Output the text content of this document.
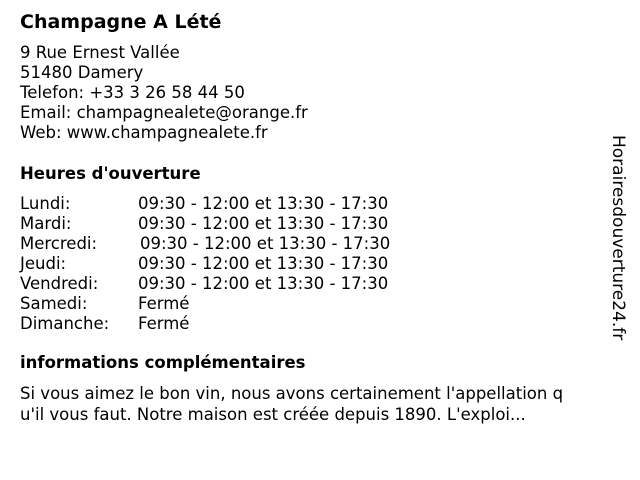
Champagne A Lété
9 Rue Ernest Vallée
51480 Damery
Telefon: +33 3 26 58 44 50
Email: champagnealete@orange.fr
Web: www.champagnealete.fr
Heures d'ouverture
Lundi:	09:30 - 12:00 et 13:30 - 17:30
Mardi:	09:30 - 12:00 et 13:30 - 17:30
Mercredi:	09:30 - 12:00 et 13:30 - 17:30
Jeudi:	09:30 - 12:00 et 13:30 - 17:30
Vendredi: 09:30 - 12:00 et 13:30 - 17:30
Samedi:	Fermé
Dimanche: Fermé
informations complémentaires
Si vous aimez le bon vin, nous avons certainement l'appellation q
u'il vous faut. Notre maison est créée depuis 1890. L'exploi...
Horairesdouverture24.fr
